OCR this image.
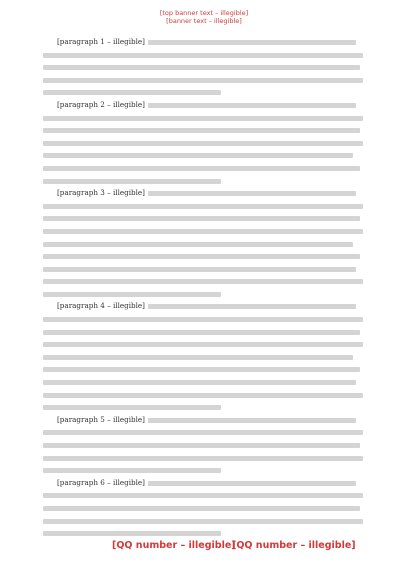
[top banner text – illegible]
[banner text – illegible]

[paragraph 1 – illegible]

[paragraph 2 – illegible]

[paragraph 3 – illegible]

[paragraph 4 – illegible]

[paragraph 5 – illegible]

[paragraph 6 – illegible]

[QQ number – illegible]
[QQ number – illegible]
